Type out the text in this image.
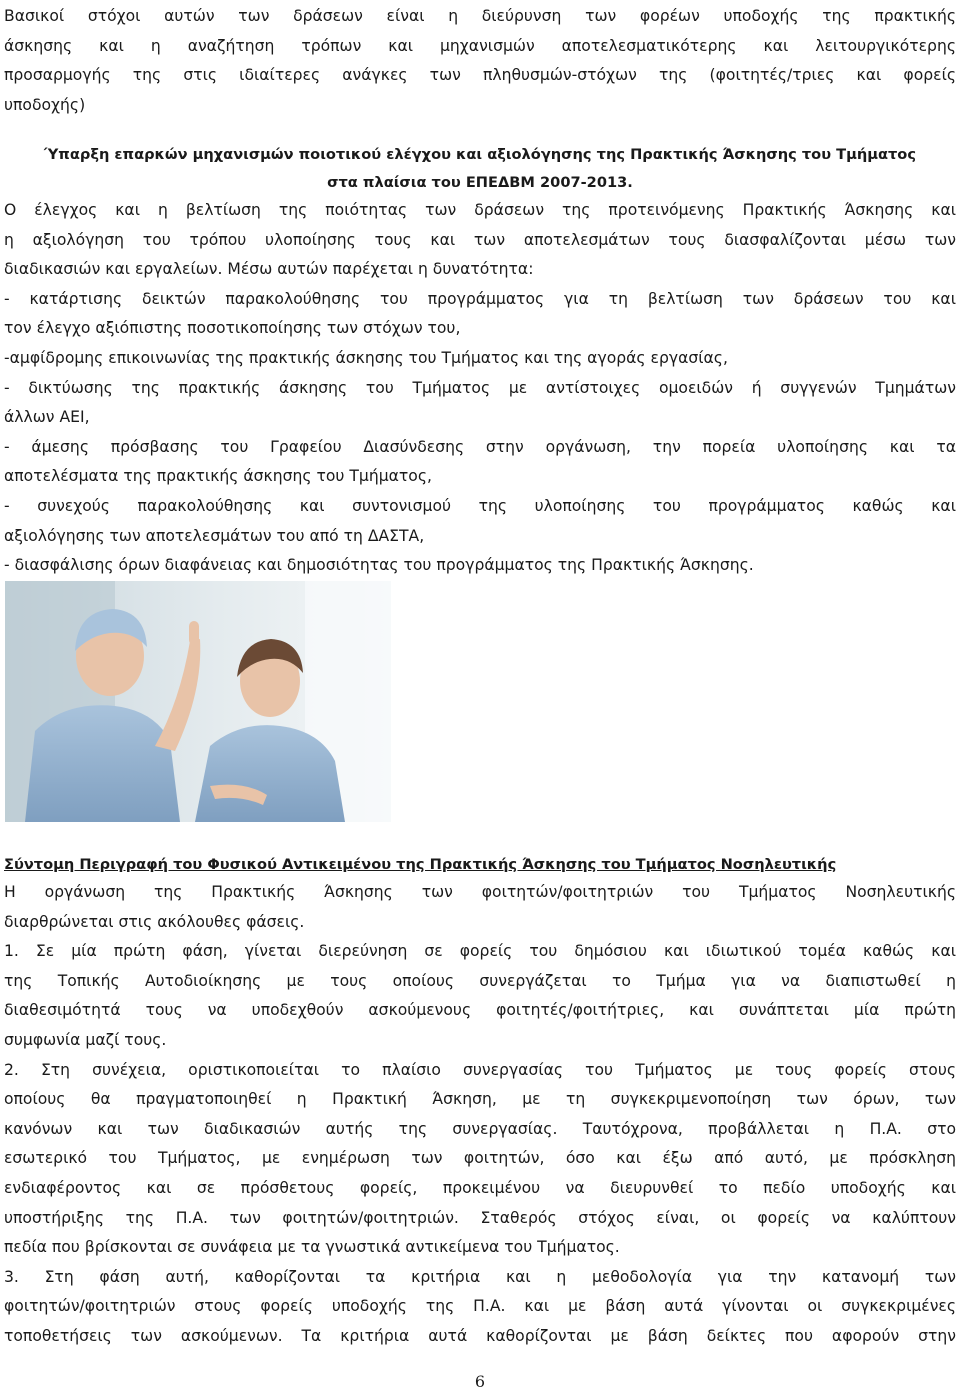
Βασικοί στόχοι αυτών των δράσεων είναι η διεύρυνση των φορέων υποδοχής της πρακτικής
άσκησης και η αναζήτηση τρόπων και μηχανισμών αποτελεσματικότερης και λειτουργικότερης
προσαρμογής της στις ιδιαίτερες ανάγκες των πληθυσμών-στόχων της (φοιτητές/τριες και φορείς
υποδοχής)
Ύπαρξη επαρκών μηχανισμών ποιοτικού ελέγχου και αξιολόγησης της Πρακτικής Άσκησης του Τμήματος
στα πλαίσια του ΕΠΕΔΒΜ 2007-2013.
Ο έλεγχος και η βελτίωση της ποιότητας των δράσεων της προτεινόμενης Πρακτικής Άσκησης και
η αξιολόγηση του τρόπου υλοποίησης τους και των αποτελεσμάτων τους διασφαλίζονται μέσω των
διαδικασιών και εργαλείων. Μέσω αυτών παρέχεται η δυνατότητα:
- κατάρτισης δεικτών παρακολούθησης του προγράμματος για τη βελτίωση των δράσεων του και
τον έλεγχο αξιόπιστης ποσοτικοποίησης των στόχων του,
-αμφίδρομης επικοινωνίας της πρακτικής άσκησης του Τμήματος και της αγοράς εργασίας,
- δικτύωσης της πρακτικής άσκησης του Τμήματος με αντίστοιχες ομοειδών ή συγγενών Τμημάτων
άλλων ΑΕΙ,
- άμεσης πρόσβασης του Γραφείου Διασύνδεσης στην οργάνωση, την πορεία υλοποίησης και τα
αποτελέσματα της πρακτικής άσκησης του Τμήματος,
- συνεχούς παρακολούθησης και συντονισμού της υλοποίησης του προγράμματος καθώς και
αξιολόγησης των αποτελεσμάτων του από τη ΔΑΣΤΑ,
- διασφάλισης όρων διαφάνειας και δημοσιότητας του προγράμματος της Πρακτικής Άσκησης.
Σύντομη Περιγραφή του Φυσικού Αντικειμένου της Πρακτικής Άσκησης του Τμήματος Νοσηλευτικής
Η οργάνωση της Πρακτικής Άσκησης των φοιτητών/φοιτητριών του Τμήματος Νοσηλευτικής
διαρθρώνεται στις ακόλουθες φάσεις.
1. Σε μία πρώτη φάση, γίνεται διερεύνηση σε φορείς του δημόσιου και ιδιωτικού τομέα καθώς και
της Τοπικής Αυτοδιοίκησης με τους οποίους συνεργάζεται το Τμήμα για να διαπιστωθεί η
διαθεσιμότητά τους να υποδεχθούν ασκούμενους φοιτητές/φοιτήτριες, και συνάπτεται μία πρώτη
συμφωνία μαζί τους.
2. Στη συνέχεια, οριστικοποιείται το πλαίσιο συνεργασίας του Τμήματος με τους φορείς στους
οποίους θα πραγματοποιηθεί η Πρακτική Άσκηση, με τη συγκεκριμενοποίηση των όρων, των
κανόνων και των διαδικασιών αυτής της συνεργασίας. Ταυτόχρονα, προβάλλεται η Π.Α. στο
εσωτερικό του Τμήματος, με ενημέρωση των φοιτητών, όσο και έξω από αυτό, με πρόσκληση
ενδιαφέροντος και σε πρόσθετους φορείς, προκειμένου να διευρυνθεί το πεδίο υποδοχής και
υποστήριξης της Π.Α. των φοιτητών/φοιτητριών. Σταθερός στόχος είναι, οι φορείς να καλύπτουν
πεδία που βρίσκονται σε συνάφεια με τα γνωστικά αντικείμενα του Τμήματος.
3. Στη φάση αυτή, καθορίζονται τα κριτήρια και η μεθοδολογία για την κατανομή των
φοιτητών/φοιτητριών στους φορείς υποδοχής της Π.Α. και με βάση αυτά γίνονται οι συγκεκριμένες
τοποθετήσεις των ασκούμενων. Τα κριτήρια αυτά καθορίζονται με βάση δείκτες που αφορούν στην
6
